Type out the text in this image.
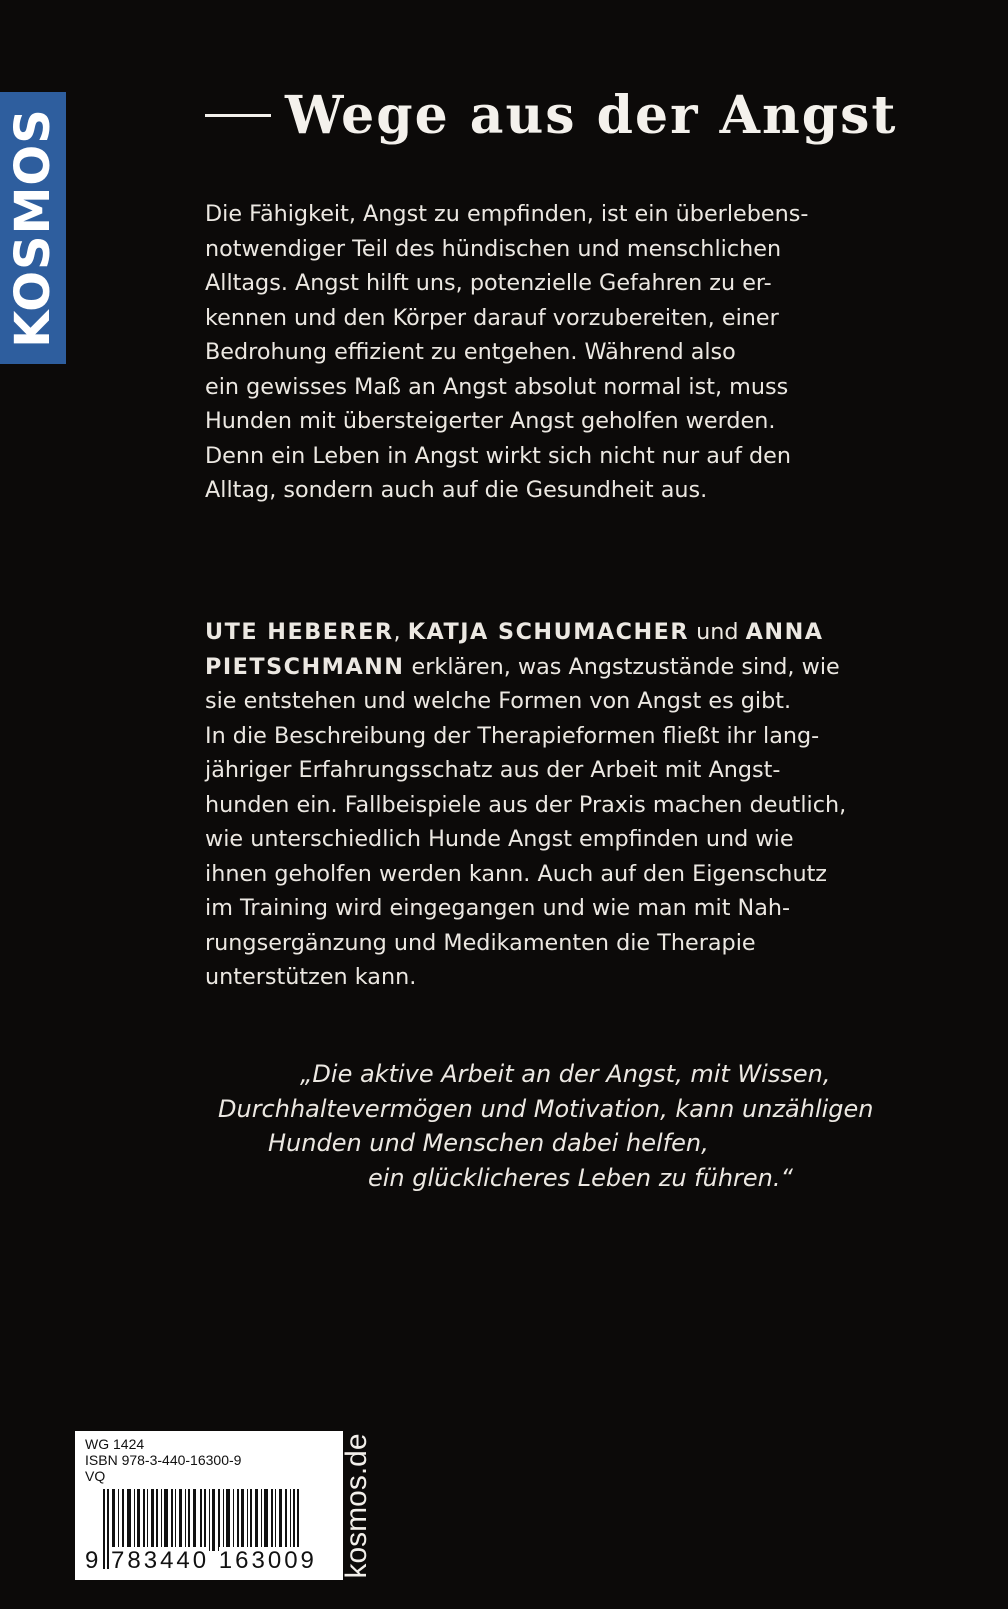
KOSMOS	Wege aus der Angst

Die Fähigkeit, Angst zu empfinden, ist ein überlebens-
notwendiger Teil des hündischen und menschlichen
Alltags. Angst hilft uns, potenzielle Gefahren zu er-
kennen und den Körper darauf vorzubereiten, einer
Bedrohung effizient zu entgehen. Während also
ein gewisses Maß an Angst absolut normal ist, muss
Hunden mit übersteigerter Angst geholfen werden.
Denn ein Leben in Angst wirkt sich nicht nur auf den
Alltag, sondern auch auf die Gesundheit aus.

UTE HEBERER, KATJA SCHUMACHER und ANNA
PIETSCHMANN erklären, was Angstzustände sind, wie
sie entstehen und welche Formen von Angst es gibt.
In die Beschreibung der Therapieformen fließt ihr lang-
jähriger Erfahrungsschatz aus der Arbeit mit Angst-
hunden ein. Fallbeispiele aus der Praxis machen deutlich,
wie unterschiedlich Hunde Angst empfinden und wie
ihnen geholfen werden kann. Auch auf den Eigenschutz
im Training wird eingegangen und wie man mit Nah-
rungsergänzung und Medikamenten die Therapie
unterstützen kann.

„Die aktive Arbeit an der Angst, mit Wissen,
Durchhaltevermögen und Motivation, kann unzähligen
Hunden und Menschen dabei helfen,
ein glücklicheres Leben zu führen.“

WG 1424
ISBN 978-3-440-16300-9
VQ
9 783440 163009 kosmos.de
